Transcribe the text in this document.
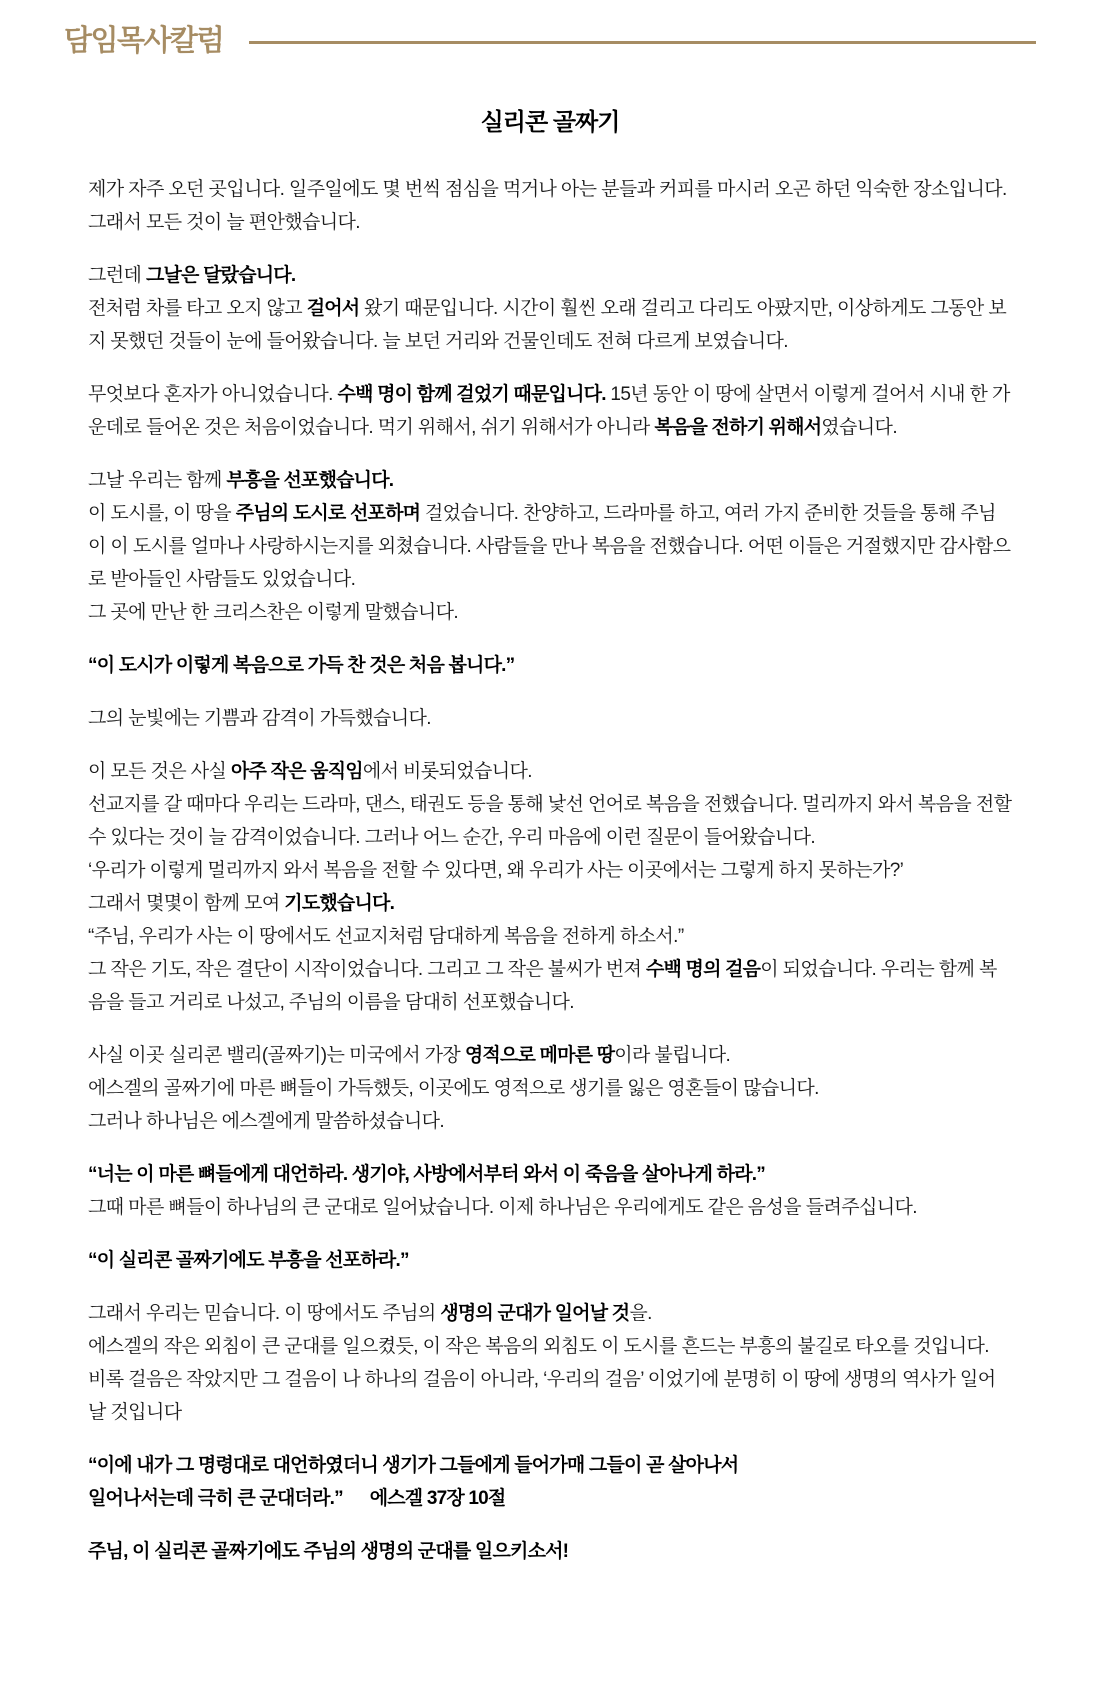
담임목사칼럼
실리콘 골짜기

제가 자주 오던 곳입니다. 일주일에도 몇 번씩 점심을 먹거나 아는 분들과 커피를 마시러 오곤 하던 익숙한 장소입니다. 그래서 모든 것이 늘 편안했습니다.

그런데 그날은 달랐습니다.
전처럼 차를 타고 오지 않고 걸어서 왔기 때문입니다. 시간이 훨씬 오래 걸리고 다리도 아팠지만, 이상하게도 그동안 보지 못했던 것들이 눈에 들어왔습니다. 늘 보던 거리와 건물인데도 전혀 다르게 보였습니다.

무엇보다 혼자가 아니었습니다. 수백 명이 함께 걸었기 때문입니다. 15년 동안 이 땅에 살면서 이렇게 걸어서 시내 한 가운데로 들어온 것은 처음이었습니다. 먹기 위해서, 쉬기 위해서가 아니라 복음을 전하기 위해서였습니다.

그날 우리는 함께 부흥을 선포했습니다.
이 도시를, 이 땅을 주님의 도시로 선포하며 걸었습니다. 찬양하고, 드라마를 하고, 여러 가지 준비한 것들을 통해 주님이 이 도시를 얼마나 사랑하시는지를 외쳤습니다. 사람들을 만나 복음을 전했습니다. 어떤 이들은 거절했지만 감사함으로 받아들인 사람들도 있었습니다.
그 곳에 만난 한 크리스찬은 이렇게 말했습니다.

“이 도시가 이렇게 복음으로 가득 찬 것은 처음 봅니다.”

그의 눈빛에는 기쁨과 감격이 가득했습니다.

이 모든 것은 사실 아주 작은 움직임에서 비롯되었습니다.
선교지를 갈 때마다 우리는 드라마, 댄스, 태권도 등을 통해 낯선 언어로 복음을 전했습니다. 멀리까지 와서 복음을 전할 수 있다는 것이 늘 감격이었습니다. 그러나 어느 순간, 우리 마음에 이런 질문이 들어왔습니다.
‘우리가 이렇게 멀리까지 와서 복음을 전할 수 있다면, 왜 우리가 사는 이곳에서는 그렇게 하지 못하는가?’
그래서 몇몇이 함께 모여 기도했습니다.
“주님, 우리가 사는 이 땅에서도 선교지처럼 담대하게 복음을 전하게 하소서.”
그 작은 기도, 작은 결단이 시작이었습니다. 그리고 그 작은 불씨가 번져 수백 명의 걸음이 되었습니다. 우리는 함께 복음을 들고 거리로 나섰고, 주님의 이름을 담대히 선포했습니다.

사실 이곳 실리콘 밸리(골짜기)는 미국에서 가장 영적으로 메마른 땅이라 불립니다.
에스겔의 골짜기에 마른 뼈들이 가득했듯, 이곳에도 영적으로 생기를 잃은 영혼들이 많습니다.
그러나 하나님은 에스겔에게 말씀하셨습니다.

“너는 이 마른 뼈들에게 대언하라. 생기야, 사방에서부터 와서 이 죽음을 살아나게 하라.”
그때 마른 뼈들이 하나님의 큰 군대로 일어났습니다. 이제 하나님은 우리에게도 같은 음성을 들려주십니다.

“이 실리콘 골짜기에도 부흥을 선포하라.”

그래서 우리는 믿습니다. 이 땅에서도 주님의 생명의 군대가 일어날 것을.
에스겔의 작은 외침이 큰 군대를 일으켰듯, 이 작은 복음의 외침도 이 도시를 흔드는 부흥의 불길로 타오를 것입니다.
비록 걸음은 작았지만 그 걸음이 나 하나의 걸음이 아니라, ‘우리의 걸음’ 이었기에 분명히 이 땅에 생명의 역사가 일어날 것입니다

“이에 내가 그 명령대로 대언하였더니 생기가 그들에게 들어가매 그들이 곧 살아나서
일어나서는데 극히 큰 군대더라.”      에스겔 37장 10절

주님, 이 실리콘 골짜기에도 주님의 생명의 군대를 일으키소서!
